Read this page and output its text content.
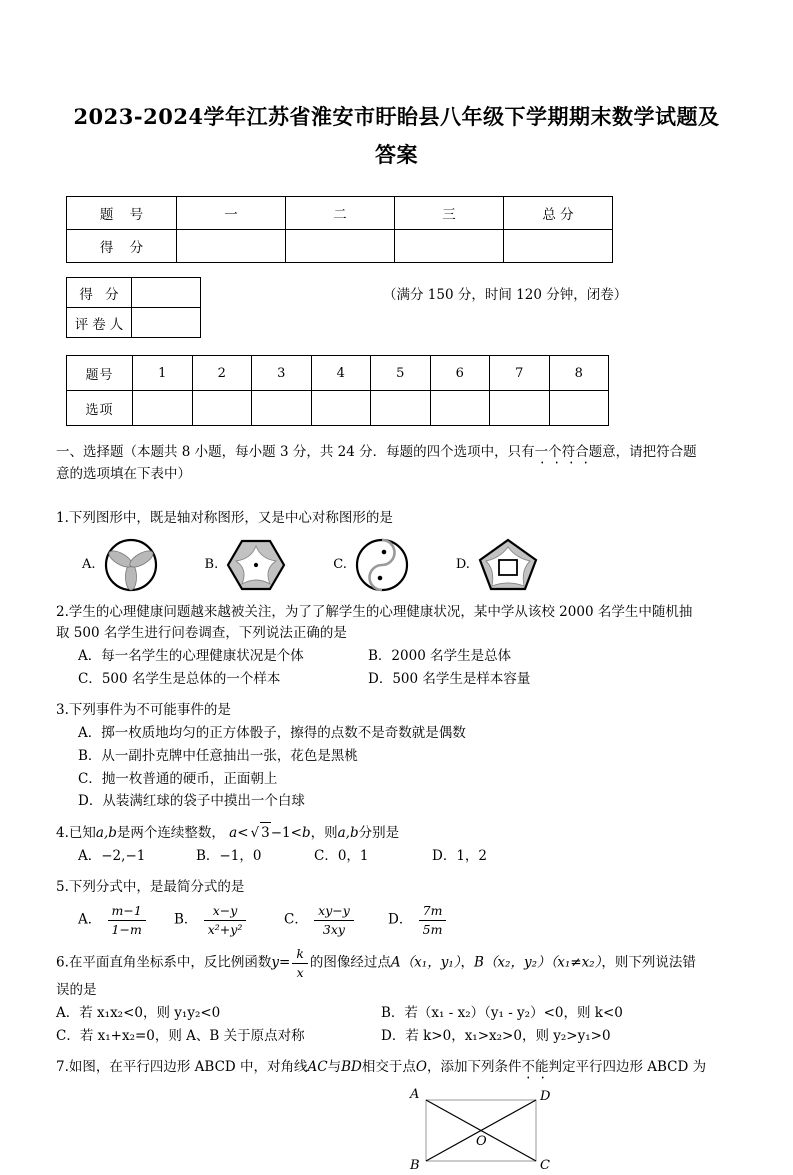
2023-2024学年江苏省淮安市盱眙县八年级下学期期末数学试题及答案
题 号	一	二	三	总 分
得 分				
得 分	
评卷人	
（满分 150 分，时间 120 分钟，闭卷）
题号	1	2	3	4	5	6	7	8
选项								
一、选择题（本题共 8 小题，每小题 3 分，共 24 分．每题的四个选项中，只有一个符合题意，请把符合题
意的选项填在下表中）
1.下列图形中，既是轴对称图形，又是中心对称图形的是
A.	B.	C.	D.
2.学生的心理健康问题越来越被关注，为了了解学生的心理健康状况，某中学从该校 2000 名学生中随机抽
取 500 名学生进行问卷调查，下列说法正确的是
A．每一名学生的心理健康状况是个体	B．2000 名学生是总体
C．500 名学生是总体的一个样本	D．500 名学生是样本容量
3.下列事件为不可能事件的是
A．掷一枚质地均匀的正方体骰子，擦得的点数不是奇数就是偶数
B．从一副扑克牌中任意抽出一张，花色是黑桃
C．抛一枚普通的硬币，正面朝上
D．从装满红球的袋子中摸出一个白球
4.已知a,b是两个连续整数， a< √ 3−1<b，则a,b分别是
A．−2,−1	B．−1，0	C．0，1	D．1，2
5.下列分式中，是最简分式的是
A． $\frac{m-1}{1-m}$ B． $\frac{x-y}{\text{x²+y²}}$	C． $\frac{xy-y}{3xy}$	D． $\frac{7m}{5m}$
6.在平面直角坐标系中，反比例函数$y= \frac{k}{x}$ 的图像经过点A（x₁，y₁），B（x₂，y₂）（x₁≠x₂），则下列说法错
误的是
A．若 x₁x₂<0，则 y₁y₂<0	B．若（x₁ - x₂）（y₁ - y₂）<0，则 k<0
C．若 x₁+x₂=0，则 A、B 关于原点对称	D．若 k>0，x₁>x₂>0，则 y₂>y₁>0
7.如图，在平行四边形 ABCD 中，对角线AC与BD相交于点O，添加下列条件不能判定平行四边形 ABCD 为
A	D
B	C
O
